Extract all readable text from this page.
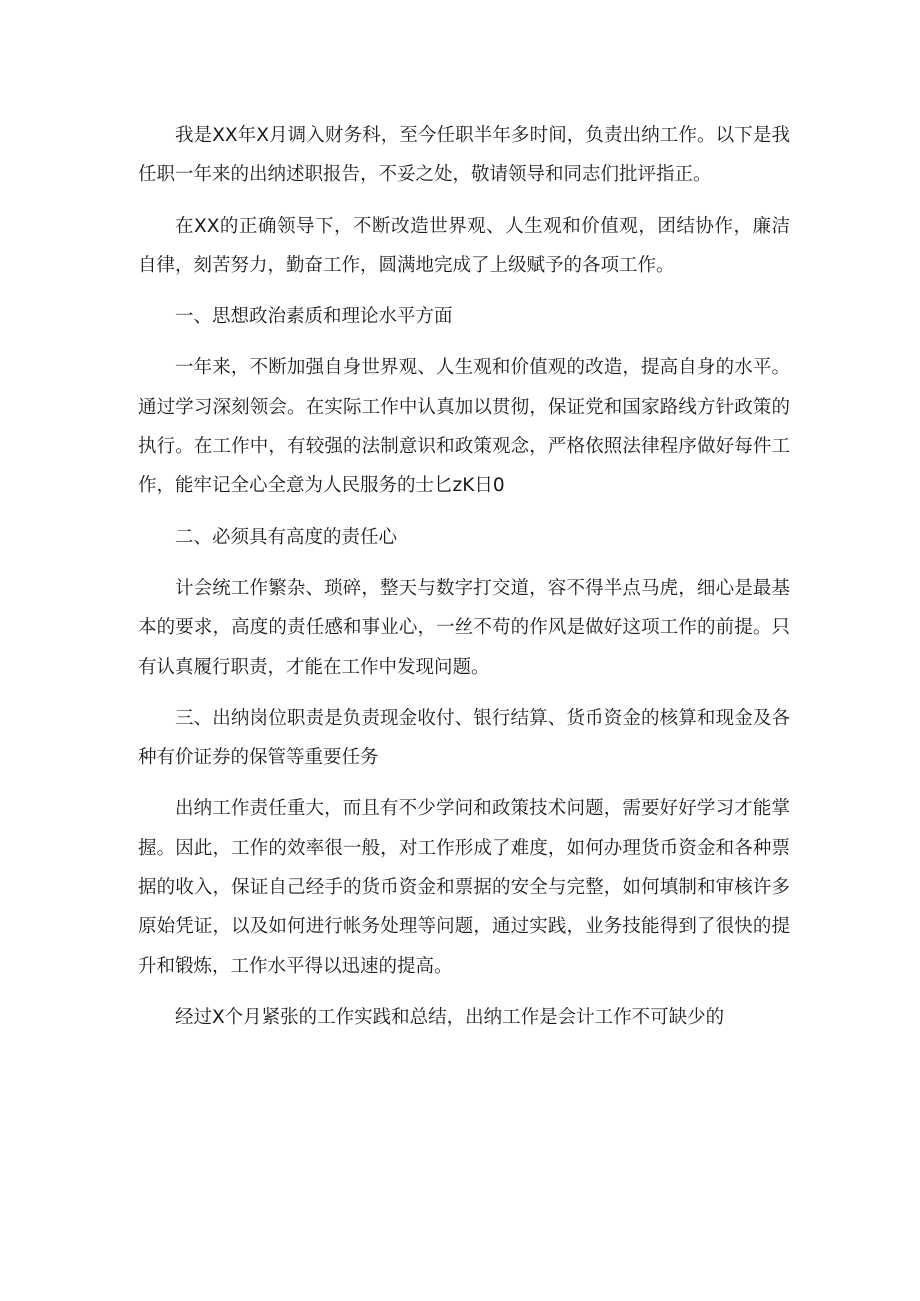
我是XX年X月调入财务科，至今任职半年多时间，负责出纳工作。以下是我任职一年来的出纳述职报告，不妥之处，敬请领导和同志们批评指正。

在XX的正确领导下，不断改造世界观、人生观和价值观，团结协作，廉洁自律，刻苦努力，勤奋工作，圆满地完成了上级赋予的各项工作。

一、思想政治素质和理论水平方面

一年来，不断加强自身世界观、人生观和价值观的改造，提高自身的水平。通过学习深刻领会。在实际工作中认真加以贯彻，保证党和国家路线方针政策的执行。在工作中，有较强的法制意识和政策观念，严格依照法律程序做好每件工作，能牢记全心全意为人民服务的士匕zK日0

二、必须具有高度的责任心

计会统工作繁杂、琐碎，整天与数字打交道，容不得半点马虎，细心是最基本的要求，高度的责任感和事业心，一丝不苟的作风是做好这项工作的前提。只有认真履行职责，才能在工作中发现问题。

三、出纳岗位职责是负责现金收付、银行结算、货币资金的核算和现金及各种有价证券的保管等重要任务

出纳工作责任重大，而且有不少学问和政策技术问题，需要好好学习才能掌握。因此，工作的效率很一般，对工作形成了难度，如何办理货币资金和各种票据的收入，保证自己经手的货币资金和票据的安全与完整，如何填制和审核许多原始凭证，以及如何进行帐务处理等问题，通过实践，业务技能得到了很快的提升和锻炼，工作水平得以迅速的提高。

经过X个月紧张的工作实践和总结，出纳工作是会计工作不可缺少的
